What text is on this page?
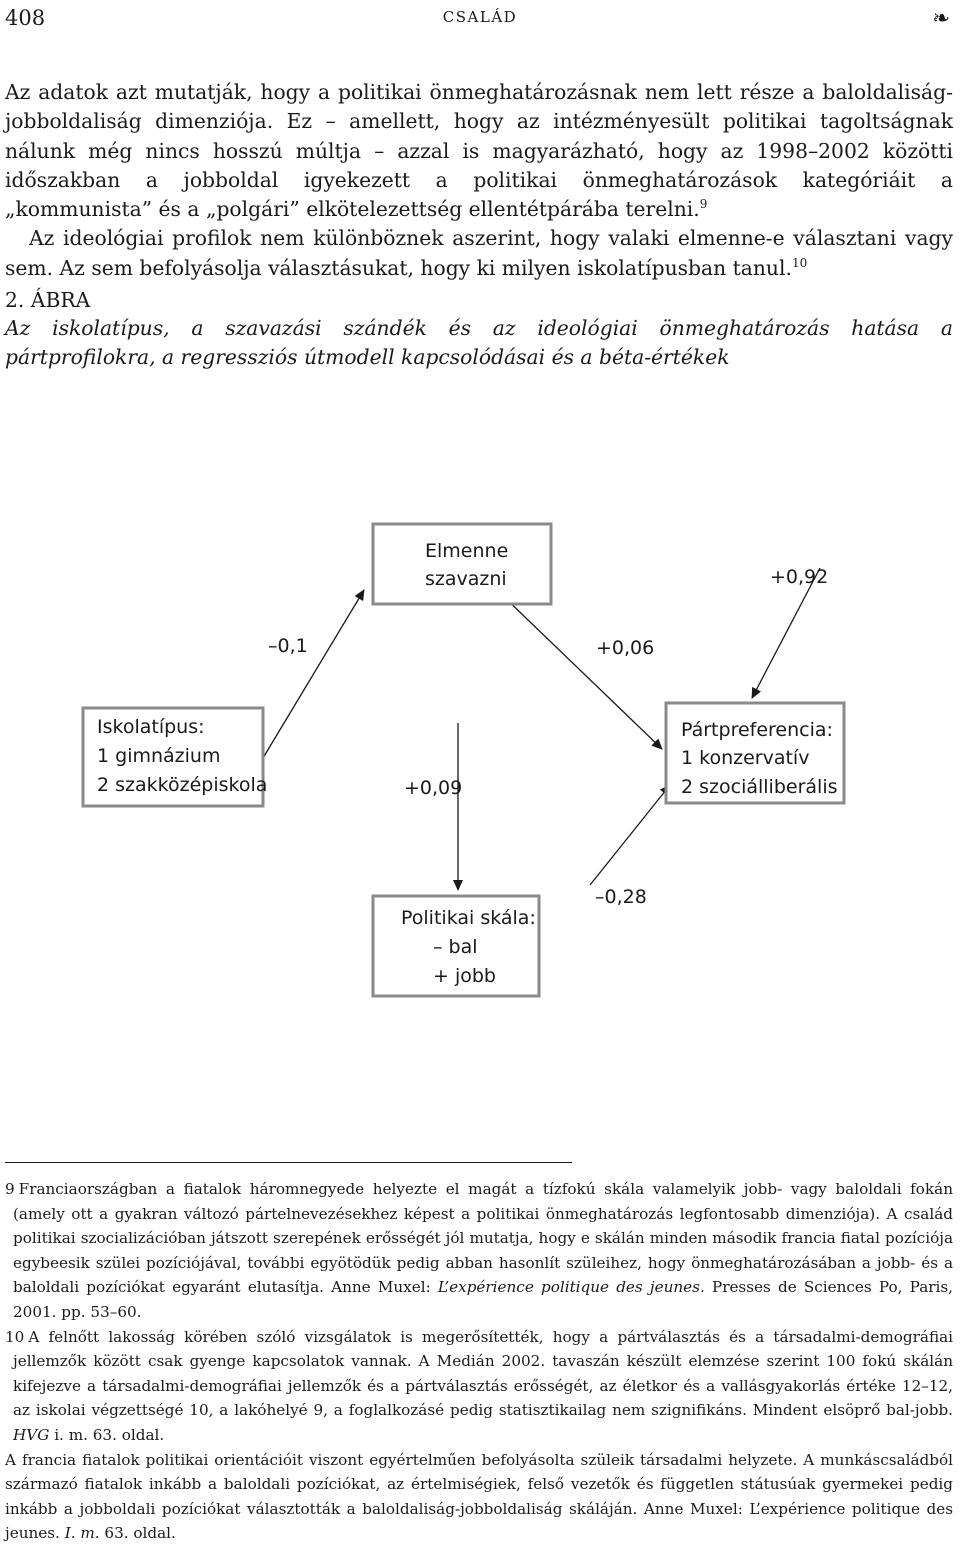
408	CSALÁD	❧

Az adatok azt mutatják, hogy a politikai önmeghatározásnak nem lett része a baloldaliság-jobboldaliság dimenziója. Ez – amellett, hogy az intézményesült politikai tagoltságnak nálunk még nincs hosszú múltja – azzal is magyarázható, hogy az 1998–2002 közötti időszakban a jobboldal igyekezett a politikai önmeghatározások kategóriáit a „kommunista” és a „polgári” elkötelezettség ellentétpárába terelni.$^9$

Az ideológiai profilok nem különböznek aszerint, hogy valaki elmenne-e választani vagy sem. Az sem befolyásolja választásukat, hogy ki milyen iskolatípusban tanul.$^{10}$

2. ÁBRA

Az iskolatípus, a szavazási szándék és az ideológiai önmeghatározás hatása a pártprofilokra, a regressziós útmodell kapcsolódásai és a béta-értékek

Elmenne
szavazni
Iskolatípus:
1 gimnázium
2 szakközépiskola
Pártpreferencia:
1 konzervatív
2 szociálliberális
Politikai skála:
– bal
+ jobb
–0,1	+0,06
+0,92
+0,09
–0,28

9 Franciaországban a fiatalok háromnegyede helyezte el magát a tízfokú skála valamelyik jobb- vagy baloldali fokán (amely ott a gyakran változó pártelnevezésekhez képest a politikai önmeghatározás legfontosabb dimenziója). A család politikai szocializációban játszott szerepének erősségét jól mutatja, hogy e skálán minden második francia fiatal pozíciója egybeesik szülei pozíciójával, további egyötödük pedig abban hasonlít szüleihez, hogy önmeghatározásában a jobb- és a baloldali pozíciókat egyaránt elutasítja. Anne Muxel: L’expérience politique des jeunes. Presses de Sciences Po, Paris, 2001. pp. 53–60.

10 A felnőtt lakosság körében szóló vizsgálatok is megerősítették, hogy a pártválasztás és a társadalmi-demográfiai jellemzők között csak gyenge kapcsolatok vannak. A Medián 2002. tavaszán készült elemzése szerint 100 fokú skálán kifejezve a társadalmi-demográfiai jellemzők és a pártválasztás erősségét, az életkor és a vallásgyakorlás értéke 12–12, az iskolai végzettségé 10, a lakóhelyé 9, a foglalkozásé pedig statisztikailag nem szignifikáns. Mindent elsöprő bal-jobb. HVG i. m. 63. oldal.

A francia fiatalok politikai orientációit viszont egyértelműen befolyásolta szüleik társadalmi helyzete. A munkáscsaládból származó fiatalok inkább a baloldali pozíciókat, az értelmiségiek, felső vezetők és független státusúak gyermekei pedig inkább a jobboldali pozíciókat választották a baloldaliság-jobboldaliság skáláján. Anne Muxel: L’expérience politique des jeunes. I. m. 63. oldal.
